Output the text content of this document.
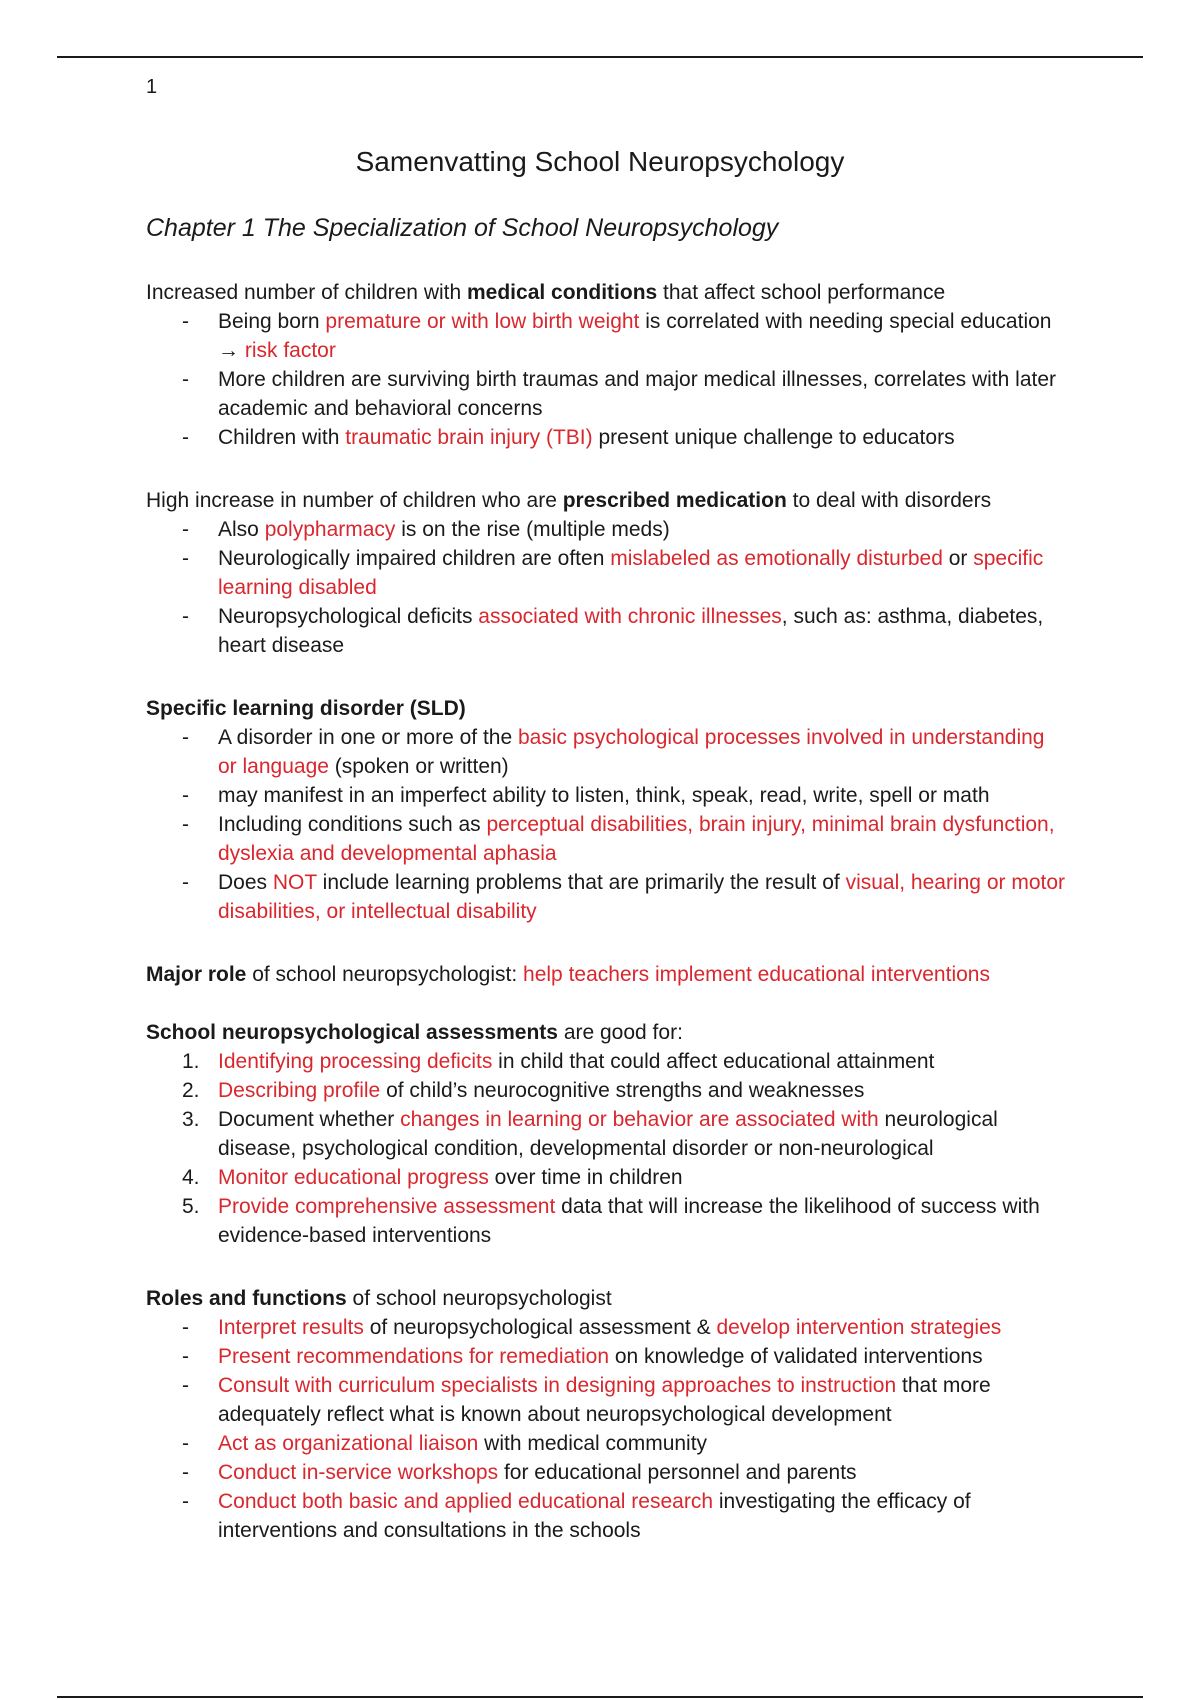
1
Samenvatting School Neuropsychology
Chapter 1 The Specialization of School Neuropsychology
Increased number of children with medical conditions that affect school performance
- Being born premature or with low birth weight is correlated with needing special education → risk factor
- More children are surviving birth traumas and major medical illnesses, correlates with later academic and behavioral concerns
- Children with traumatic brain injury (TBI) present unique challenge to educators
High increase in number of children who are prescribed medication to deal with disorders
- Also polypharmacy is on the rise (multiple meds)
- Neurologically impaired children are often mislabeled as emotionally disturbed or specific learning disabled
- Neuropsychological deficits associated with chronic illnesses, such as: asthma, diabetes, heart disease
Specific learning disorder (SLD)
- A disorder in one or more of the basic psychological processes involved in understanding or language (spoken or written)
- may manifest in an imperfect ability to listen, think, speak, read, write, spell or math
- Including conditions such as perceptual disabilities, brain injury, minimal brain dysfunction, dyslexia and developmental aphasia
- Does NOT include learning problems that are primarily the result of visual, hearing or motor disabilities, or intellectual disability
Major role of school neuropsychologist: help teachers implement educational interventions
School neuropsychological assessments are good for:
1. Identifying processing deficits in child that could affect educational attainment
2. Describing profile of child’s neurocognitive strengths and weaknesses
3. Document whether changes in learning or behavior are associated with neurological disease, psychological condition, developmental disorder or non-neurological
4. Monitor educational progress over time in children
5. Provide comprehensive assessment data that will increase the likelihood of success with evidence-based interventions
Roles and functions of school neuropsychologist
- Interpret results of neuropsychological assessment & develop intervention strategies
- Present recommendations for remediation on knowledge of validated interventions
- Consult with curriculum specialists in designing approaches to instruction that more adequately reflect what is known about neuropsychological development
- Act as organizational liaison with medical community
- Conduct in-service workshops for educational personnel and parents
- Conduct both basic and applied educational research investigating the efficacy of interventions and consultations in the schools
